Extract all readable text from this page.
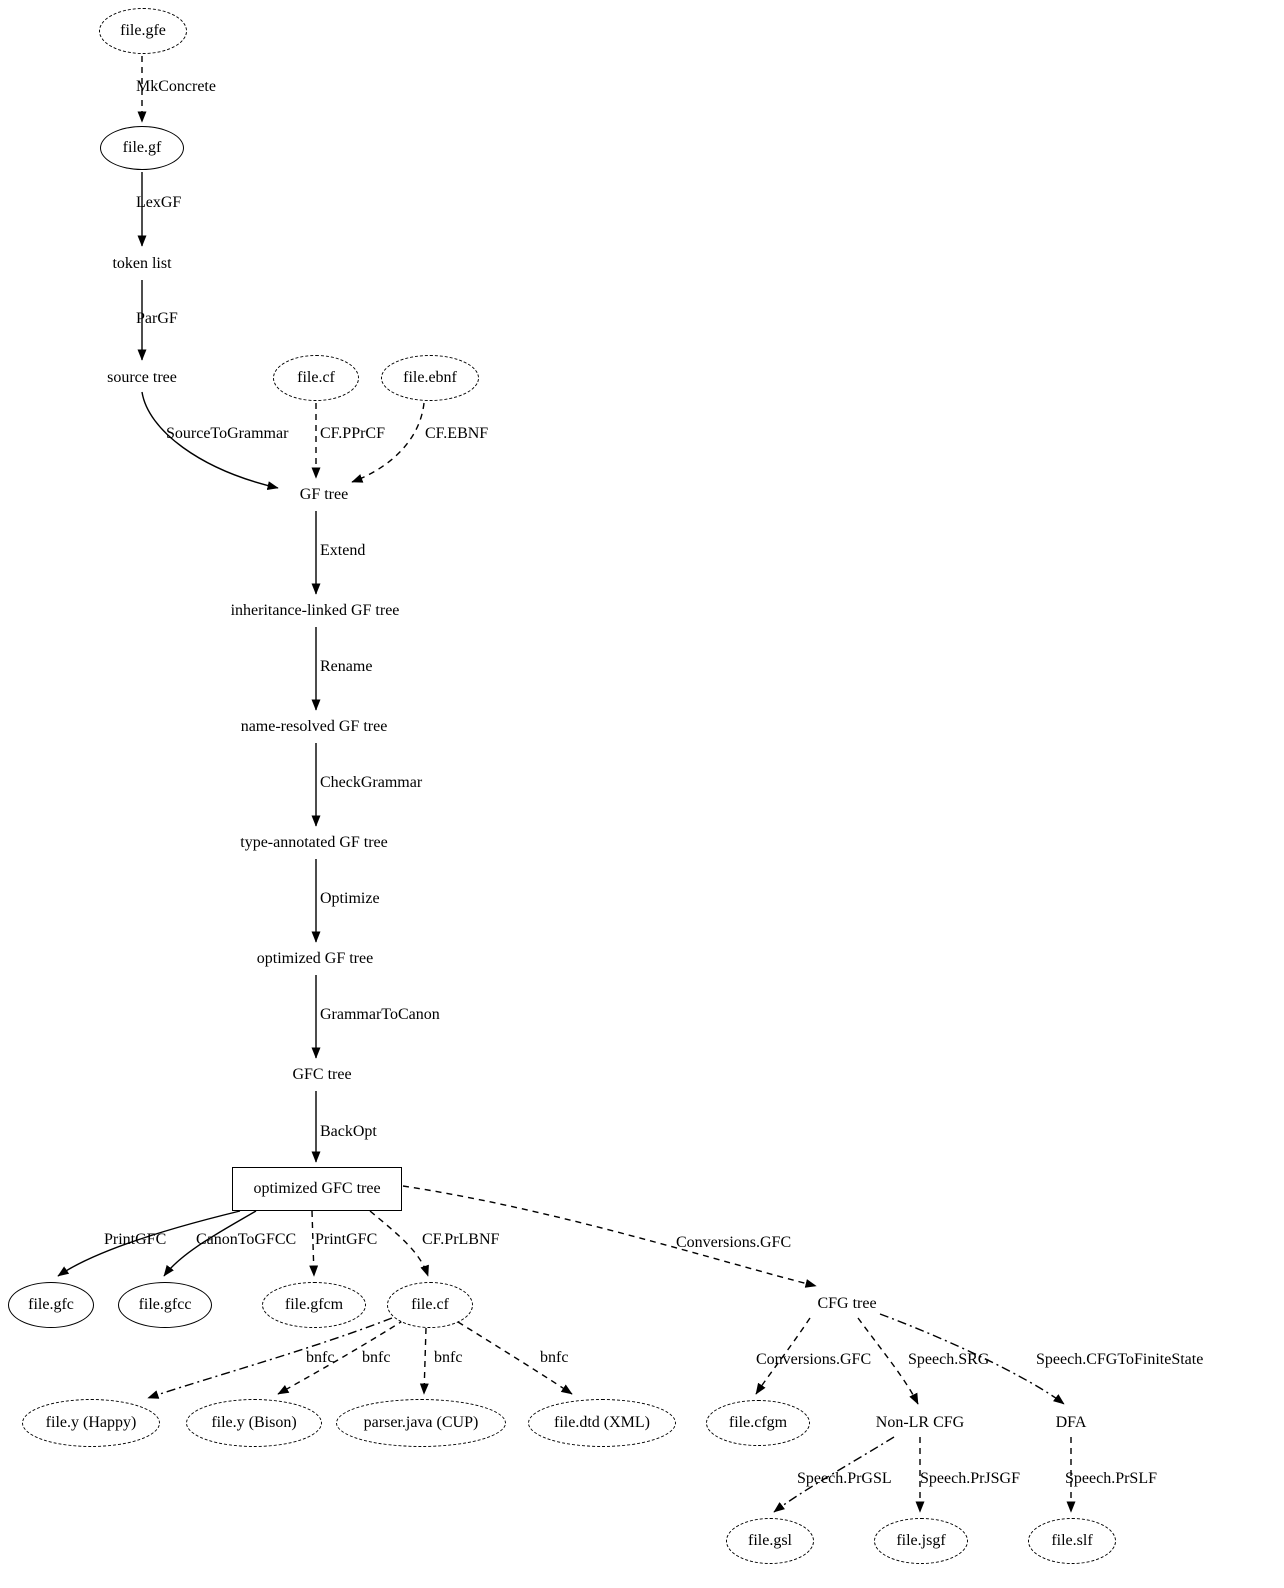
file.gfe
file.gf
token list
source tree	file.cf	file.ebnf
GF tree
inheritance-linked GF tree
name-resolved GF tree
type-annotated GF tree
optimized GF tree
GFC tree
optimized GFC tree
file.gfc	file.gfcc	file.gfcm	file.cf	CFG tree
file.y (Happy)	file.y (Bison)	parser.java (CUP)	file.dtd (XML)	file.cfgm	Non-LR CFG	DFA
file.gsl	file.jsgf	file.slf
MkConcrete
LexGF
ParGF
SourceToGrammar CF.PPrCF	CF.EBNF
Extend
Rename
CheckGrammar
Optimize
GrammarToCanon
BackOpt
PrintGFC CanonToGFCC PrintGFC	CF.PrLBNF	Conversions.GFC
bnfc bnfc	bnfc	bnfc	Conversions.GFC Speech.SRG	Speech.CFGToFiniteState
Speech.PrGSL Speech.PrJSGF	Speech.PrSLF
